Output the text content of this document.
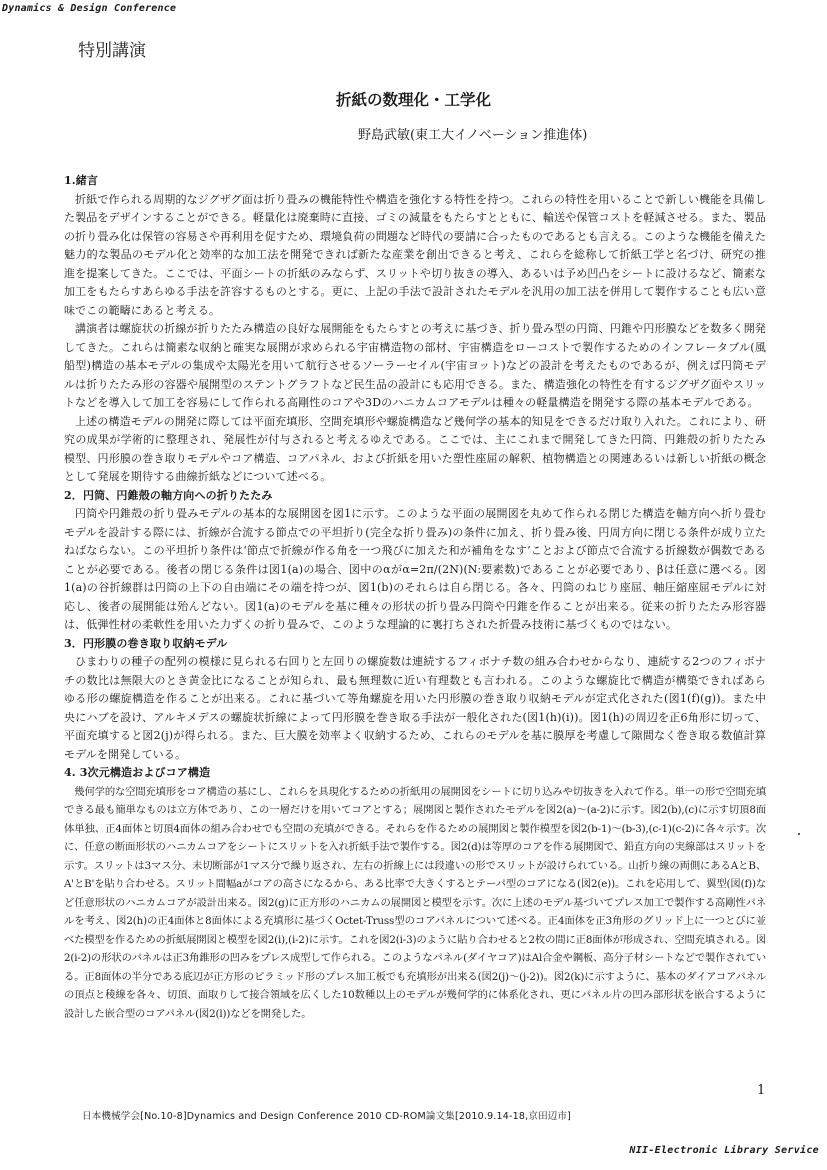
Dynamics & Design Conference
特別講演
折紙の数理化・工学化
野島武敏(東工大イノベーション推進体)
1.緒言

折紙で作られる周期的なジグザグ面は折り畳みの機能特性や構造を強化する特性を持つ。これらの特性を用いることで新しい機能を具備した製品をデザインすることができる。軽量化は廃棄時に直接、ゴミの減量をもたらすとともに、輸送や保管コストを軽減させる。また、製品の折り畳み化は保管の容易さや再利用を促すため、環境負荷の問題など時代の要請に合ったものであるとも言える。このような機能を備えた魅力的な製品のモデル化と効率的な加工法を開発できれば新たな産業を創出できると考え、これらを総称して折紙工学と名づけ、研究の推進を提案してきた。ここでは、平面シートの折紙のみならず、スリットや切り抜きの導入、あるいは予め凹凸をシートに設けるなど、簡素な加工をもたらすあらゆる手法を許容するものとする。更に、上記の手法で設計されたモデルを汎用の加工法を併用して製作することも広い意味でこの範疇にあると考える。

講演者は螺旋状の折線が折りたたみ構造の良好な展開能をもたらすとの考えに基づき、折り畳み型の円筒、円錐や円形膜などを数多く開発してきた。これらは簡素な収納と確実な展開が求められる宇宙構造物の部材、宇宙構造をローコストで製作するためのインフレータブル(風船型)構造の基本モデルの集成や太陽光を用いて航行させるソーラーセイル(宇宙ヨット)などの設計を考えたものであるが、例えば円筒モデルは折りたたみ形の容器や展開型のステントグラフトなど民生品の設計にも応用できる。また、構造強化の特性を有するジグザグ面やスリットなどを導入して加工を容易にして作られる高剛性のコアや3Dのハニカムコアモデルは種々の軽量構造を開発する際の基本モデルである。

上述の構造モデルの開発に際しては平面充填形、空間充填形や螺旋構造など幾何学の基本的知見をできるだけ取り入れた。これにより、研究の成果が学術的に整理され、発展性が付与されると考えるゆえである。ここでは、主にこれまで開発してきた円筒、円錐殻の折りたたみ模型、円形膜の巻き取りモデルやコア構造、コアパネル、および折紙を用いた塑性座屈の解釈、植物構造との関連あるいは新しい折紙の概念として発展を期待する曲線折紙などについて述べる。

2．円筒、円錐殻の軸方向への折りたたみ

円筒や円錐殻の折り畳みモデルの基本的な展開図を図1に示す。このような平面の展開図を丸めて作られる閉じた構造を軸方向へ折り畳むモデルを設計する際には、折線が合流する節点での平坦折り(完全な折り畳み)の条件に加え、折り畳み後、円周方向に閉じる条件が成り立たねばならない。この平坦折り条件は‘節点で折線が作る角を一つ飛びに加えた和が補角をなす’ことおよび節点で合流する折線数が偶数であることが必要である。後者の閉じる条件は図1(a)の場合、図中のαがα=2π/(2N)(N:要素数)であることが必要であり、βは任意に選べる。図1(a)の谷折線群は円筒の上下の自由端にその端を持つが、図1(b)のそれらは自ら閉じる。各々、円筒のねじり座屈、軸圧縮座屈モデルに対応し、後者の展開能は殆んどない。図1(a)のモデルを基に種々の形状の折り畳み円筒や円錐を作ることが出来る。従来の折りたたみ形容器は、低弾性材の柔軟性を用いた力ずくの折り畳みで、このような理論的に裏打ちされた折畳み技術に基づくものではない。

3．円形膜の巻き取り収納モデル

ひまわりの種子の配列の模様に見られる右回りと左回りの螺旋数は連続するフィボナチ数の組み合わせからなり、連続する2つのフィボナチの数比は無限大のとき黄金比になることが知られ、最も無理数に近い有理数とも言われる。このような螺旋比で構造が構築できればあらゆる形の螺旋構造を作ることが出来る。これに基づいて等角螺旋を用いた円形膜の巻き取り収納モデルが定式化された(図1(f)(g))。また中央にハブを設け、アルキメデスの螺旋状折線によって円形膜を巻き取る手法が一般化された(図1(h)(i))。図1(h)の周辺を正6角形に切って、平面充填すると図2(j)が得られる。また、巨大膜を効率よく収納するため、これらのモデルを基に膜厚を考慮して隙間なく巻き取る数値計算モデルを開発している。

4. 3次元構造およびコア構造

幾何学的な空間充填形をコア構造の基にし、これらを具現化するための折紙用の展開図をシートに切り込みや切抜きを入れて作る。単一の形で空間充填できる最も簡単なものは立方体であり、この一層だけを用いてコアとする；展開図と製作されたモデルを図2(a)〜(a-2)に示す。図2(b),(c)に示す切頂8面体単独、正4面体と切頂4面体の組み合わせでも空間の充填ができる。それらを作るための展開図と製作模型を図2(b-1)〜(b-3),(c-1)(c-2)に各々示す。次に、任意の断面形状のハニカムコアをシートにスリットを入れ折紙手法で製作する。図2(d)は等厚のコアを作る展開図で、鉛直方向の実線部はスリットを示す。スリットは3マス分、未切断部が1マス分で繰り返され、左右の折線上には段違いの形でスリットが設けられている。山折り線の両側にあるAとB、A'とB'を貼り合わせる。スリット間幅aがコアの高さになるから、ある比率で大きくするとテーパ型のコアになる(図2(e))。これを応用して、翼型(図(f))など任意形状のハニカムコアが設計出来る。図2(g)に正方形のハニカムの展開図と模型を示す。次に上述のモデル基づいてプレス加工で製作する高剛性パネルを考え、図2(h)の正4面体と8面体による充填形に基づくOctet-Truss型のコアパネルについて述べる。正4面体を正3角形のグリッド上に一つとびに並べた模型を作るための折紙展開図と模型を図2(i),(i-2)に示す。これを図2(i-3)のように貼り合わせると2枚の間に正8面体が形成され、空間充填される。図2(i-2)の形状のパネルは正3角錐形の凹みをプレス成型して作られる。このようなパネル(ダイヤコア)はAl合金や鋼板、高分子材シートなどで製作されている。正8面体の半分である底辺が正方形のピラミッド形のプレス加工板でも充填形が出来る(図2(j)〜(j-2))。図2(k)に示すように、基本のダイアコアパネルの頂点と稜線を各々、切頂、面取りして接合領域を広くした10数種以上のモデルが幾何学的に体系化され、更にパネル片の凹み部形状を嵌合するように設計した嵌合型のコアパネル(図2(l))などを開発した。

1
日本機械学会[No.10-8]Dynamics and Design Conference 2010 CD-ROM論文集[2010.9.14-18,京田辺市]
NII-Electronic Library Service
